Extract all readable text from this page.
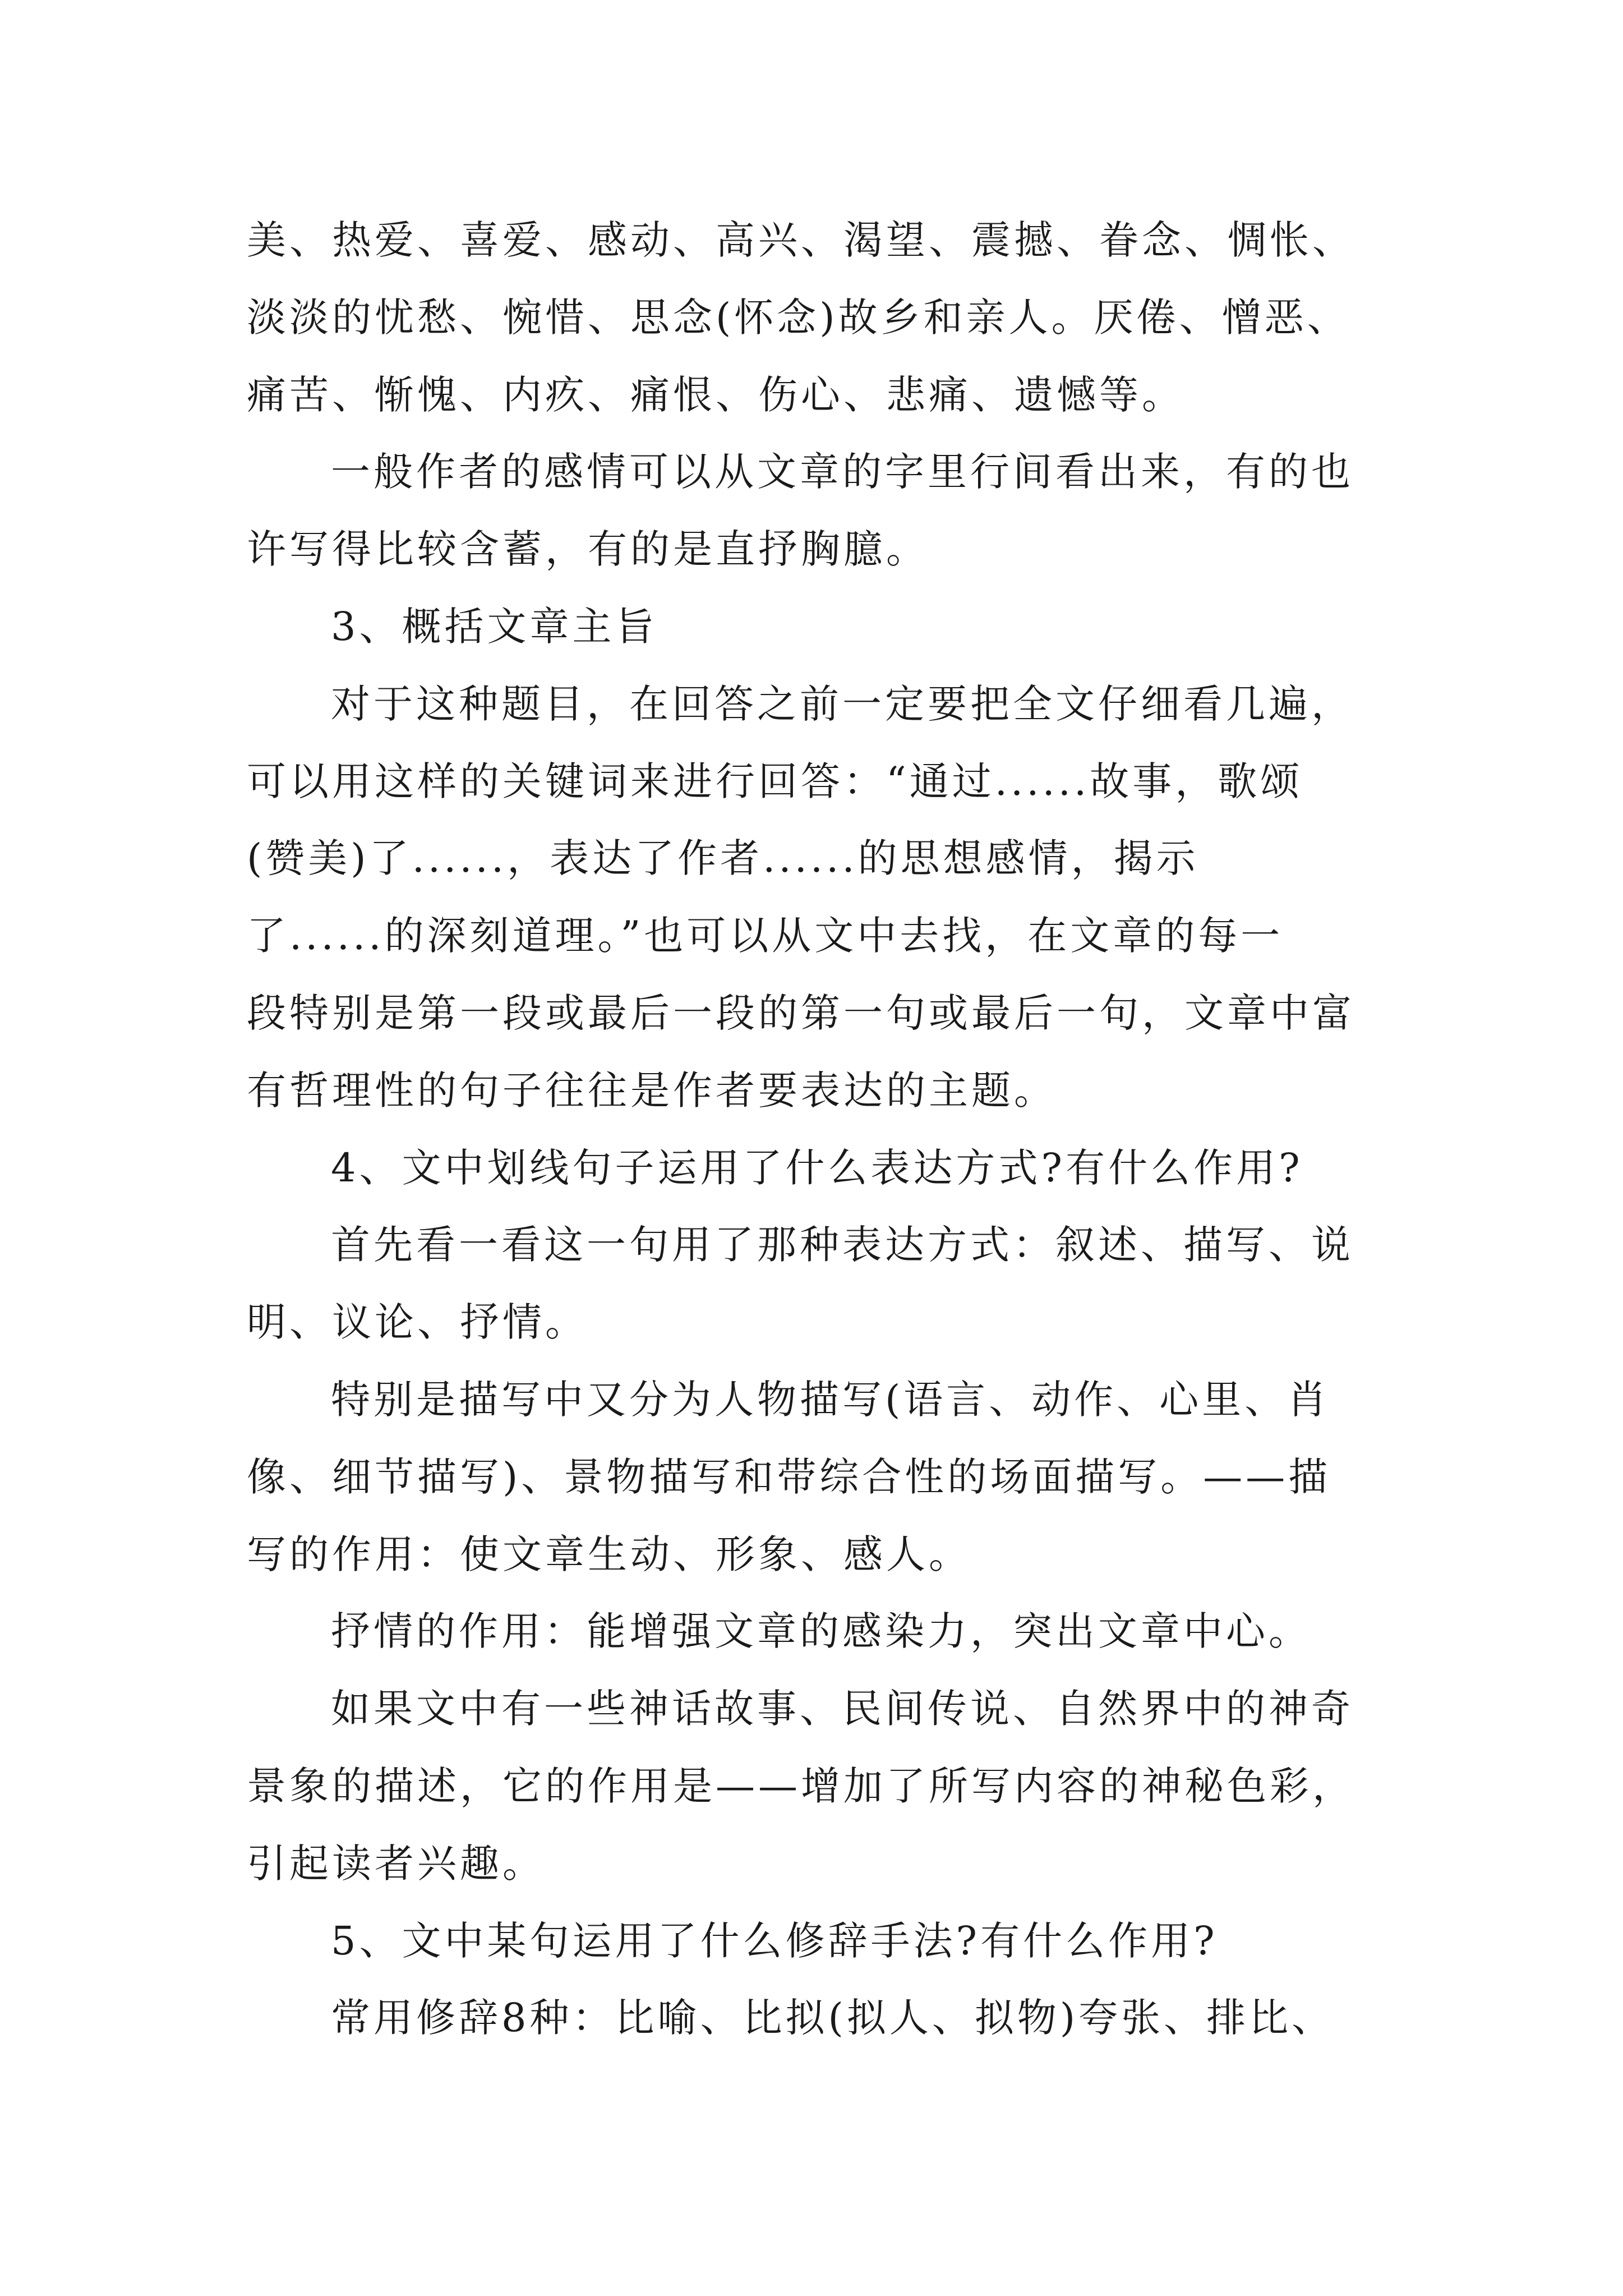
美、热爱、喜爱、感动、高兴、渴望、震撼、眷念、惆怅、
淡淡的忧愁、惋惜、思念(怀念)故乡和亲人。厌倦、憎恶、
痛苦、惭愧、内疚、痛恨、伤心、悲痛、遗憾等。
一般作者的感情可以从文章的字里行间看出来，有的也
许写得比较含蓄，有的是直抒胸臆。
3、概括文章主旨
对于这种题目，在回答之前一定要把全文仔细看几遍，
可以用这样的关键词来进行回答：“通过......故事，歌颂
(赞美)了......，表达了作者......的思想感情，揭示
了......的深刻道理。”也可以从文中去找，在文章的每一
段特别是第一段或最后一段的第一句或最后一句，文章中富
有哲理性的句子往往是作者要表达的主题。
4、文中划线句子运用了什么表达方式?有什么作用?
首先看一看这一句用了那种表达方式：叙述、描写、说
明、议论、抒情。
特别是描写中又分为人物描写(语言、动作、心里、肖
像、细节描写)、景物描写和带综合性的场面描写。——描
写的作用：使文章生动、形象、感人。
抒情的作用：能增强文章的感染力，突出文章中心。
如果文中有一些神话故事、民间传说、自然界中的神奇
景象的描述，它的作用是——增加了所写内容的神秘色彩，
引起读者兴趣。
5、文中某句运用了什么修辞手法?有什么作用?
常用修辞8种：比喻、比拟(拟人、拟物)夸张、排比、
